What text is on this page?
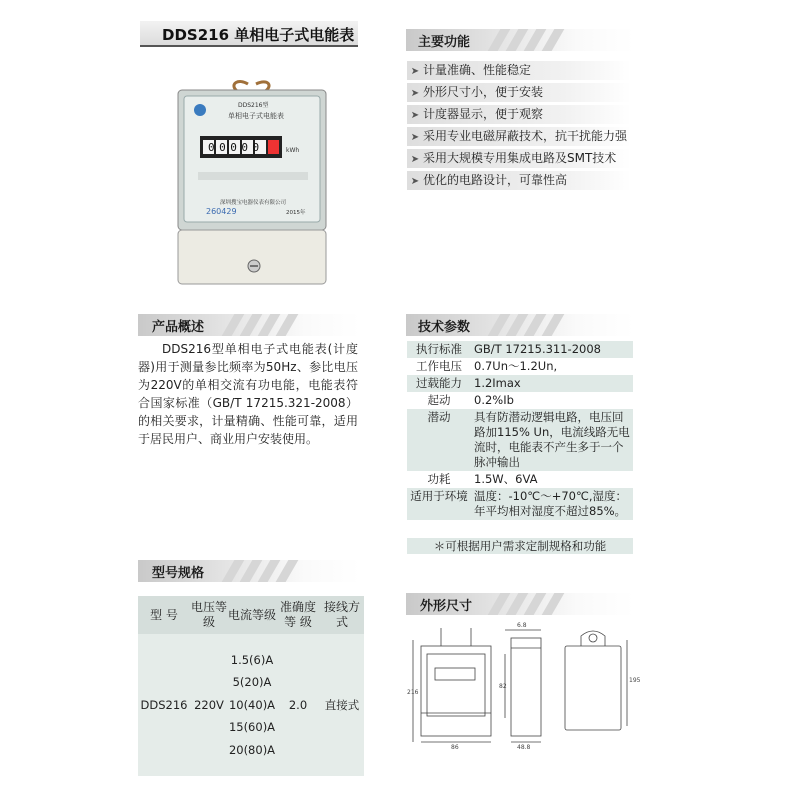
DDS216 单相电子式电能表
00000	kWh
DDS216型
单相电子式电能表
深圳搜宝电器仪表有限公司
260429	2015年
主要功能
➤ 计量准确、性能稳定
➤ 外形尺寸小，便于安装
➤ 计度器显示，便于观察
➤ 采用专业电磁屏蔽技术，抗干扰能力强
➤ 采用大规模专用集成电路及SMT技术
➤ 优化的电路设计，可靠性高
产品概述
DDS216型单相电子式电能表(计度器)用于测量参比频率为50Hz、参比电压为220V的单相交流有功电能，电能表符合国家标准（GB/T 17215.321-2008）的相关要求，计量精确、性能可靠，适用于居民用户、商业用户安装使用。
技术参数
执行标准	GB/T 17215.311-2008
工作电压	0.7Un～1.2Un,
过载能力	1.2Imax
起动	0.2%Ib
潜动	具有防潜动逻辑电路，电压回路加115% Un，电流线路无电流时，电能表不产生多于一个脉冲输出
功耗	1.5W、6VA
适用于环境	温度：-10℃～+70℃,湿度：年平均相对湿度不超过85%。
＊可根据用户需求定制规格和功能
型号规格
型 号	电压等级	电流等级	准确度等 级	接线方式
DDS216	220V	1.5(6)A
5(20)A
10(40)A
15(60)A
20(80)A	2.0	直接式
外形尺寸
216
86
82
48.8
6.8
195
